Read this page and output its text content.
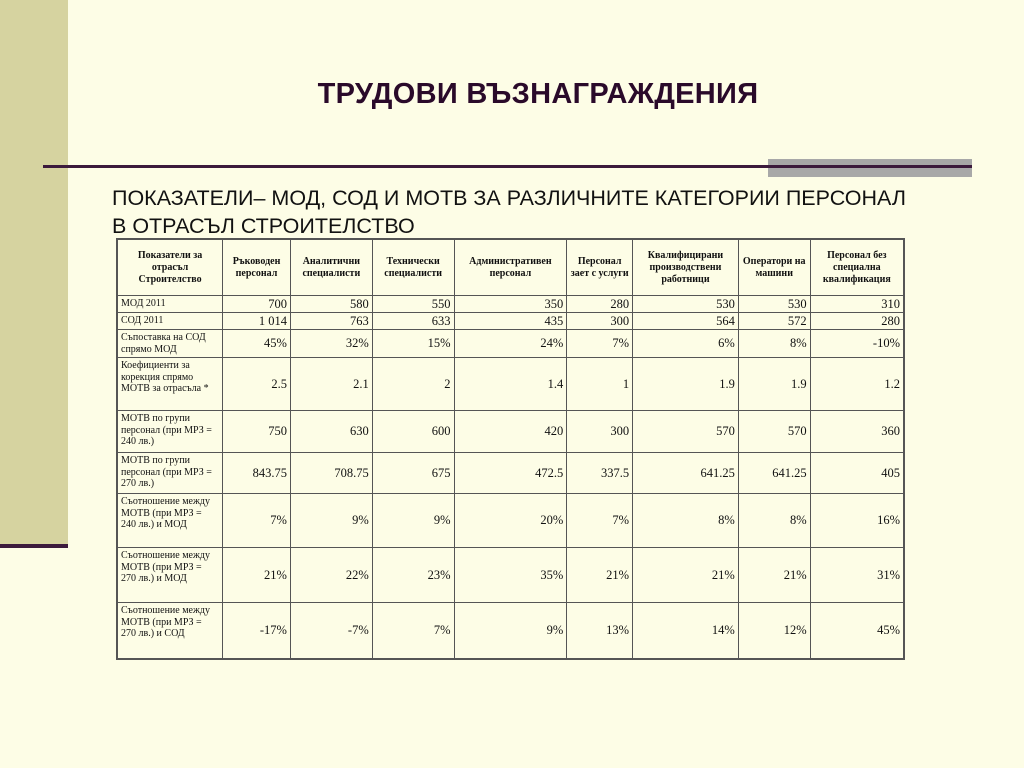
ТРУДОВИ ВЪЗНАГРАЖДЕНИЯ
ПОКАЗАТЕЛИ– МОД, СОД И МОТВ ЗА РАЗЛИЧНИТЕ КАТЕГОРИИ ПЕРСОНАЛ
В ОТРАСЪЛ СТРОИТЕЛСТВО
Показатели за отрасъл Строителство	Ръководен персонал	Аналитични специалисти	Технически специалисти	Административен персонал	Персонал зает с услуги	Квалифицирани производствени работници	Оператори на машини	Персонал без специална квалификация
МОД 2011	700	580	550	350	280	530	530	310
СОД 2011	1 014	763	633	435	300	564	572	280
Съпоставка на СОД спрямо МОД	45%	32%	15%	24%	7%	6%	8%	-10%
Коефициенти за корекция спрямо МОТВ за отрасъла *	2.5	2.1	2	1.4	1	1.9	1.9	1.2
МОТВ по групи персонал (при МРЗ = 240 лв.)	750	630	600	420	300	570	570	360
МОТВ по групи персонал (при МРЗ = 270 лв.)	843.75	708.75	675	472.5	337.5	641.25	641.25	405
Съотношение между МОТВ (при МРЗ = 240 лв.) и МОД	7%	9%	9%	20%	7%	8%	8%	16%
Съотношение между МОТВ (при МРЗ = 270 лв.) и МОД	21%	22%	23%	35%	21%	21%	21%	31%
Съотношение между МОТВ (при МРЗ = 270 лв.) и СОД	-17%	-7%	7%	9%	13%	14%	12%	45%
